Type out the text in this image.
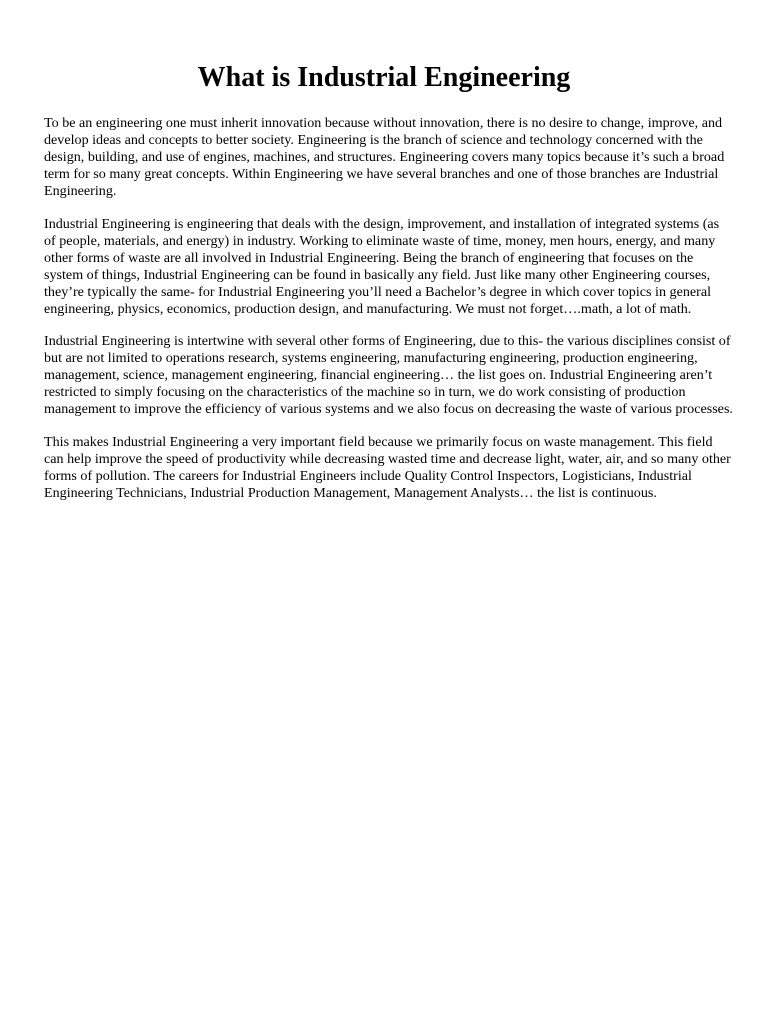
What is Industrial Engineering

To be an engineering one must inherit innovation because without innovation, there is no desire to change, improve, and develop ideas and concepts to better society. Engineering is the branch of science and technology concerned with the design, building, and use of engines, machines, and structures. Engineering covers many topics because it’s such a broad term for so many great concepts. Within Engineering we have several branches and one of those branches are Industrial Engineering.

Industrial Engineering is engineering that deals with the design, improvement, and installation of integrated systems (as of people, materials, and energy) in industry. Working to eliminate waste of time, money, men hours, energy, and many other forms of waste are all involved in Industrial Engineering. Being the branch of engineering that focuses on the system of things, Industrial Engineering can be found in basically any field. Just like many other Engineering courses, they’re typically the same- for Industrial Engineering you’ll need a Bachelor’s degree in which cover topics in general engineering, physics, economics, production design, and manufacturing. We must not forget….math, a lot of math.

Industrial Engineering is intertwine with several other forms of Engineering, due to this- the various disciplines consist of but are not limited to operations research, systems engineering, manufacturing engineering, production engineering, management, science, management engineering, financial engineering… the list goes on. Industrial Engineering aren’t restricted to simply focusing on the characteristics of the machine so in turn, we do work consisting of production management to improve the efficiency of various systems and we also focus on decreasing the waste of various processes.

This makes Industrial Engineering a very important field because we primarily focus on waste management. This field can help improve the speed of productivity while decreasing wasted time and decrease light, water, air, and so many other forms of pollution. The careers for Industrial Engineers include Quality Control Inspectors, Logisticians, Industrial Engineering Technicians, Industrial Production Management, Management Analysts… the list is continuous.
